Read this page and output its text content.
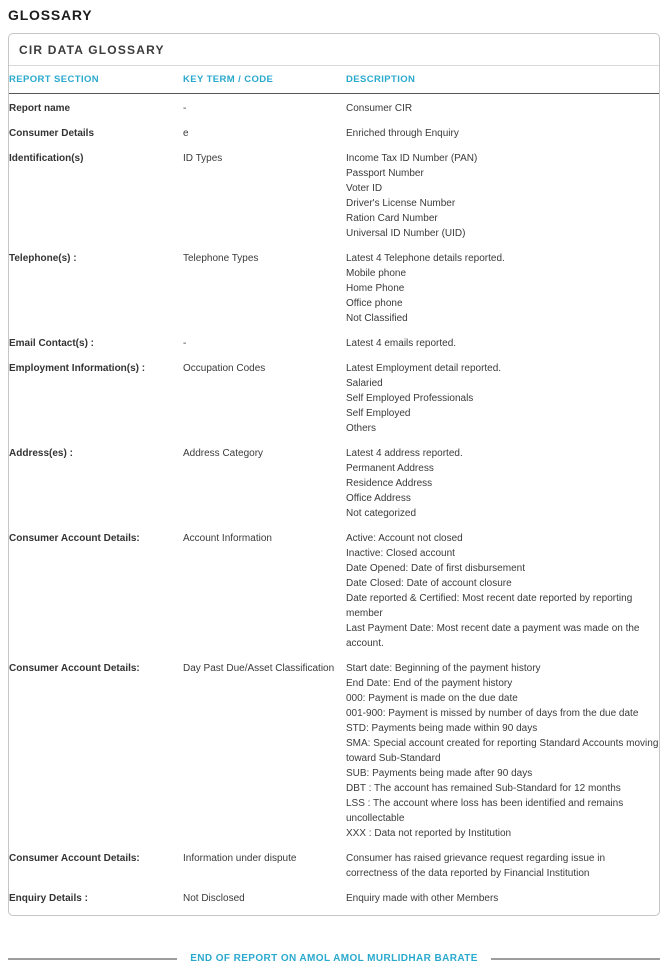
GLOSSARY
CIR DATA GLOSSARY
REPORT SECTION	KEY TERM / CODE	DESCRIPTION
Report name	-	Consumer CIR

Consumer Details	e	Enriched through Enquiry

Identification(s)	ID Types	Income Tax ID Number (PAN)
Passport Number
Voter ID
Driver's License Number
Ration Card Number
Universal ID Number (UID)

Telephone(s) :	Telephone Types	Latest 4 Telephone details reported.
Mobile phone
Home Phone
Office phone
Not Classified

Email Contact(s) :	-	Latest 4 emails reported.

Employment Information(s) :	Occupation Codes	Latest Employment detail reported.
Salaried
Self Employed Professionals
Self Employed
Others

Address(es) :	Address Category	Latest 4 address reported.
Permanent Address
Residence Address
Office Address
Not categorized

Consumer Account Details:	Account Information	Active: Account not closed
Inactive: Closed account
Date Opened: Date of first disbursement
Date Closed: Date of account closure
Date reported & Certified: Most recent date reported by reporting member
Last Payment Date: Most recent date a payment was made on the account.

Consumer Account Details:	Day Past Due/Asset Classification	Start date: Beginning of the payment history
End Date: End of the payment history
000: Payment is made on the due date
001-900: Payment is missed by number of days from the due date
STD: Payments being made within 90 days
SMA: Special account created for reporting Standard Accounts moving toward Sub-Standard
SUB: Payments being made after 90 days
DBT : The account has remained Sub-Standard for 12 months
LSS : The account where loss has been identified and remains uncollectable
XXX : Data not reported by Institution

Consumer Account Details:	Information under dispute	Consumer has raised grievance request regarding issue in correctness of the data reported by Financial Institution

Enquiry Details :	Not Disclosed	Enquiry made with other Members
END OF REPORT ON AMOL AMOL MURLIDHAR BARATE
